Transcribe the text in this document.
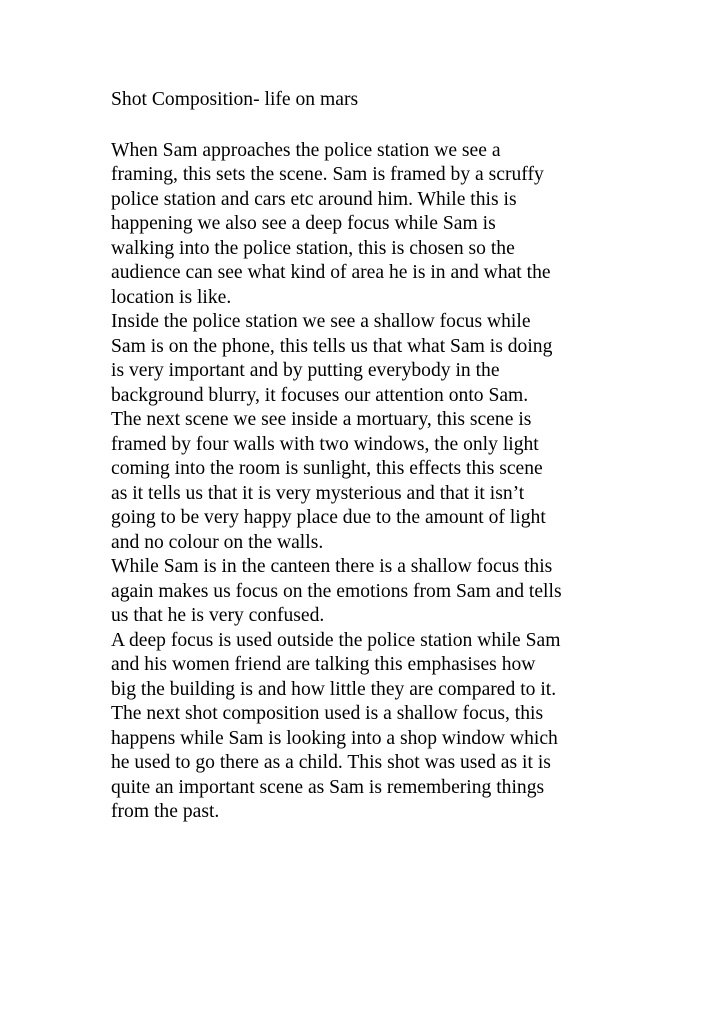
Shot Composition- life on mars

When Sam approaches the police station we see a
framing, this sets the scene. Sam is framed by a scruffy
police station and cars etc around him. While this is
happening we also see a deep focus while Sam is
walking into the police station, this is chosen so the
audience can see what kind of area he is in and what the
location is like.
Inside the police station we see a shallow focus while
Sam is on the phone, this tells us that what Sam is doing
is very important and by putting everybody in the
background blurry, it focuses our attention onto Sam.
The next scene we see inside a mortuary, this scene is
framed by four walls with two windows, the only light
coming into the room is sunlight, this effects this scene
as it tells us that it is very mysterious and that it isn’t
going to be very happy place due to the amount of light
and no colour on the walls.
While Sam is in the canteen there is a shallow focus this
again makes us focus on the emotions from Sam and tells
us that he is very confused.
A deep focus is used outside the police station while Sam
and his women friend are talking this emphasises how
big the building is and how little they are compared to it.
The next shot composition used is a shallow focus, this
happens while Sam is looking into a shop window which
he used to go there as a child. This shot was used as it is
quite an important scene as Sam is remembering things
from the past.
